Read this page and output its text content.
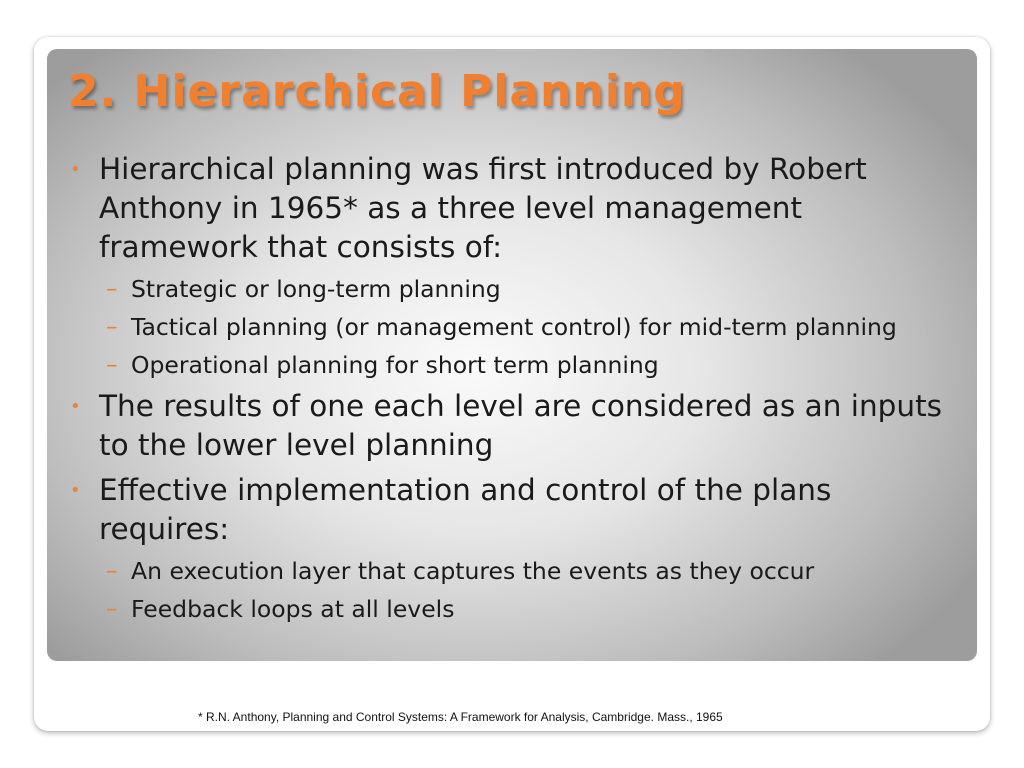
2. Hierarchical Planning
• Hierarchical planning was first introduced by Robert Anthony in 1965* as a three level management framework that consists of:
– Strategic or long-term planning
– Tactical planning (or management control) for mid-term planning
– Operational planning for short term planning
• The results of one each level are considered as an inputs to the lower level planning
• Effective implementation and control of the plans requires:
– An execution layer that captures the events as they occur
– Feedback loops at all levels
* R.N. Anthony, Planning and Control Systems: A Framework for Analysis, Cambridge. Mass., 1965
